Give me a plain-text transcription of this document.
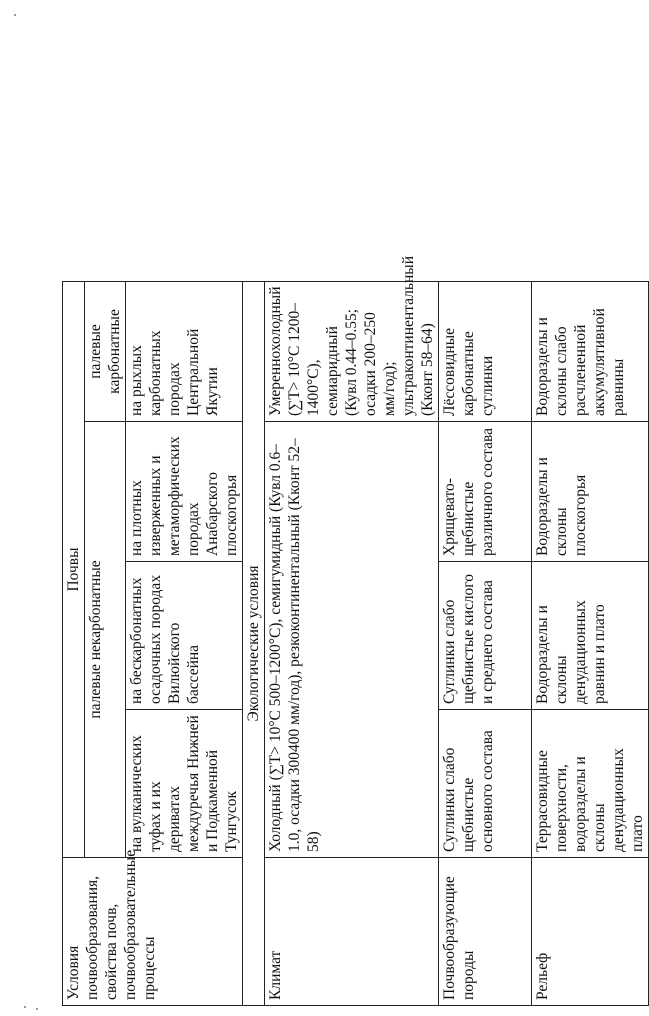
Условия почвообразования, свойства почв, почвообразовательные процессы	Почвы			
	палевые некарбонатные			палевые карбонатные
	на вулканических туфах и их дериватах междуречья Нижней и Подкаменной Тунгусок	на бескарбонатных осадочных породах Вилюйского бассейна	на плотных изверженных и метаморфических породах Анабарского плоскогорья	на рыхлых карбонатных породах Центральной Якутии
Экологические условия				
Климат	Холодный (∑T> 10°C 500–1200°C), семигумидный (Кувл 0.6–1.0, осадки 300400 мм/год), резкоконтинентальный (Кконт 52–58)			Умереннохолодный (∑T> 10°C 1200–1400°C), семиаридный (Кувл 0.44–0.55; осадки 200–250 мм/год); ультраконтинентальный (Кконт 58–64)
Почвообразующие породы	Суглинки слабо щебнистые основного состава	Суглинки слабо щебнистые кислого и среднего состава	Хрящевато-щебнистые различного состава	Лёссовидные карбонатные суглинки
Рельеф	Террасовидные поверхности, водоразделы и склоны денудационных плато	Водоразделы и склоны денудационных равнин и плато	Водоразделы и склоны плоскогорья	Водоразделы и склоны слабо расчлененной аккумулятивной равнины
